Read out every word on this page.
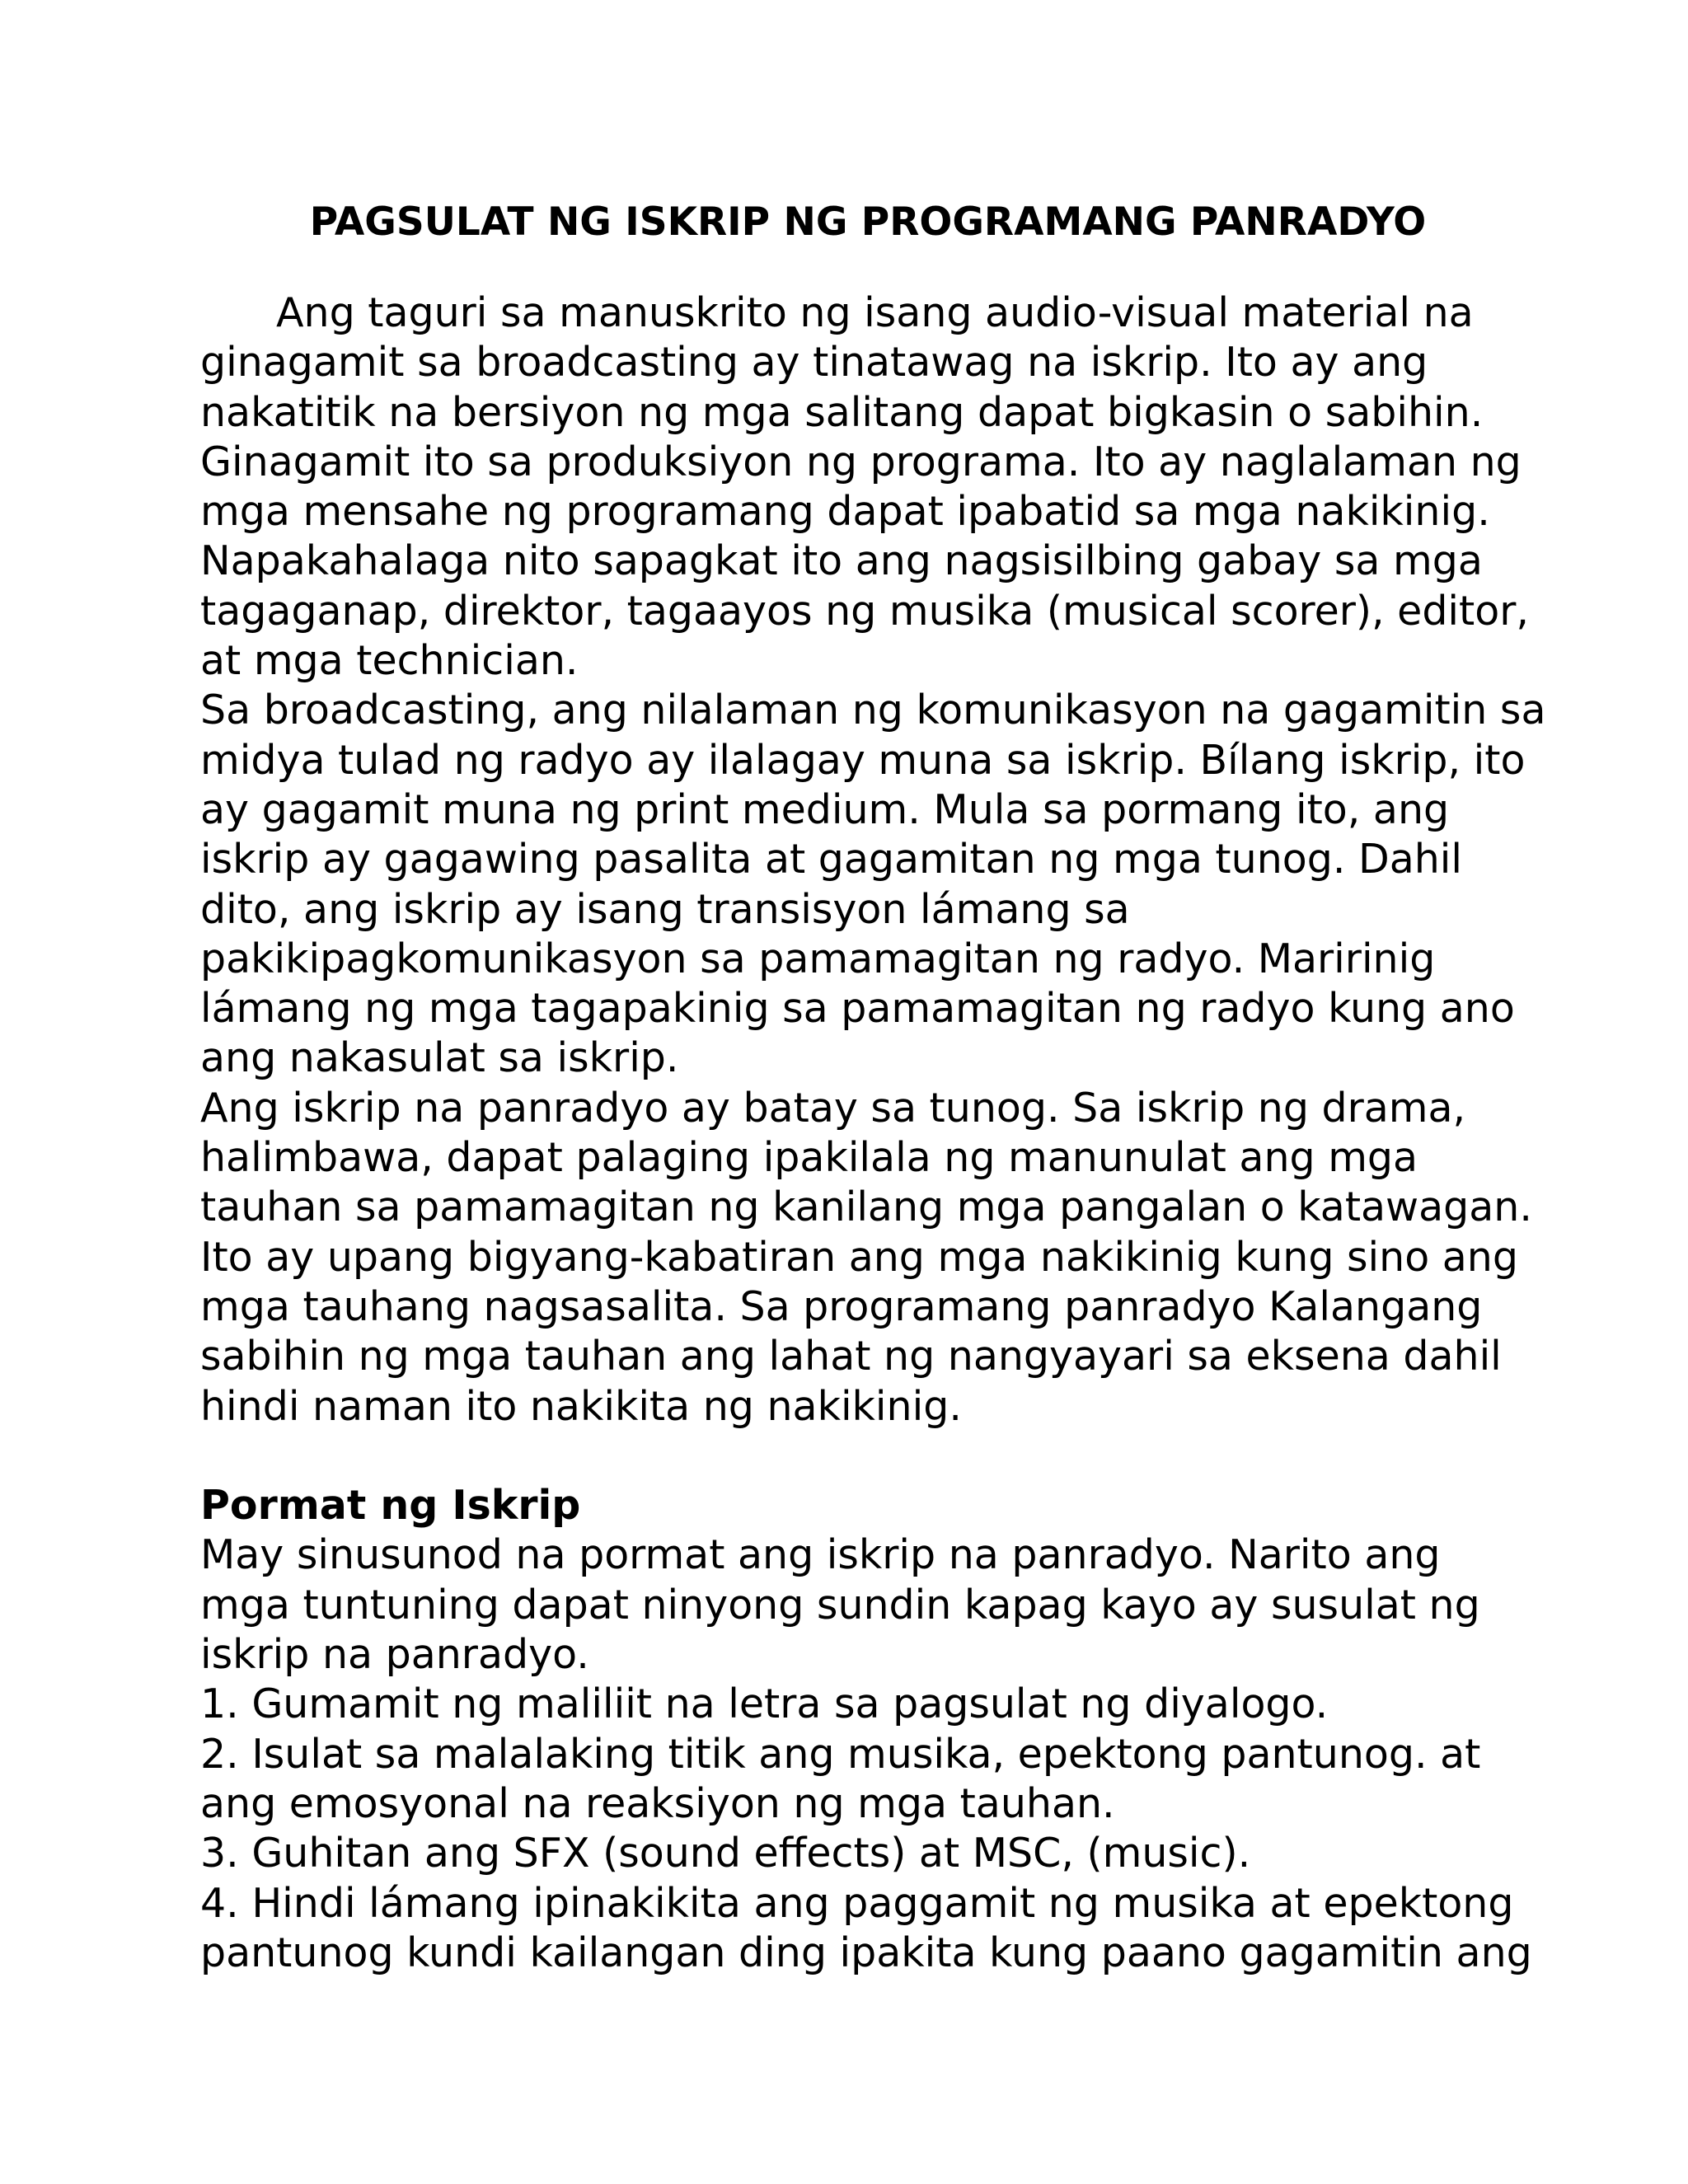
PAGSULAT NG ISKRIP NG PROGRAMANG PANRADYO
Ang taguri sa manuskrito ng isang audio-visual material na
ginagamit sa broadcasting ay tinatawag na iskrip. Ito ay ang
nakatitik na bersiyon ng mga salitang dapat bigkasin o sabihin.
Ginagamit ito sa produksiyon ng programa. Ito ay naglalaman ng
mga mensahe ng programang dapat ipabatid sa mga nakikinig.
Napakahalaga nito sapagkat ito ang nagsisilbing gabay sa mga
tagaganap, direktor, tagaayos ng musika (musical scorer), editor,
at mga technician.
Sa broadcasting, ang nilalaman ng komunikasyon na gagamitin sa
midya tulad ng radyo ay ilalagay muna sa iskrip. Bílang iskrip, ito
ay gagamit muna ng print medium. Mula sa pormang ito, ang
iskrip ay gagawing pasalita at gagamitan ng mga tunog. Dahil
dito, ang iskrip ay isang transisyon lámang sa
pakikipagkomunikasyon sa pamamagitan ng radyo. Maririnig
lámang ng mga tagapakinig sa pamamagitan ng radyo kung ano
ang nakasulat sa iskrip.
Ang iskrip na panradyo ay batay sa tunog. Sa iskrip ng drama,
halimbawa, dapat palaging ipakilala ng manunulat ang mga
tauhan sa pamamagitan ng kanilang mga pangalan o katawagan.
Ito ay upang bigyang-kabatiran ang mga nakikinig kung sino ang
mga tauhang nagsasalita. Sa programang panradyo Kalangang
sabihin ng mga tauhan ang lahat ng nangyayari sa eksena dahil
hindi naman ito nakikita ng nakikinig.
Pormat ng Iskrip
May sinusunod na pormat ang iskrip na panradyo. Narito ang
mga tuntuning dapat ninyong sundin kapag kayo ay susulat ng
iskrip na panradyo.
1. Gumamit ng maliliit na letra sa pagsulat ng diyalogo.
2. Isulat sa malalaking titik ang musika, epektong pantunog. at
ang emosyonal na reaksiyon ng mga tauhan.
3. Guhitan ang SFX (sound effects) at MSC, (music).
4. Hindi lámang ipinakikita ang paggamit ng musika at epektong
pantunog kundi kailangan ding ipakita kung paano gagamitin ang
